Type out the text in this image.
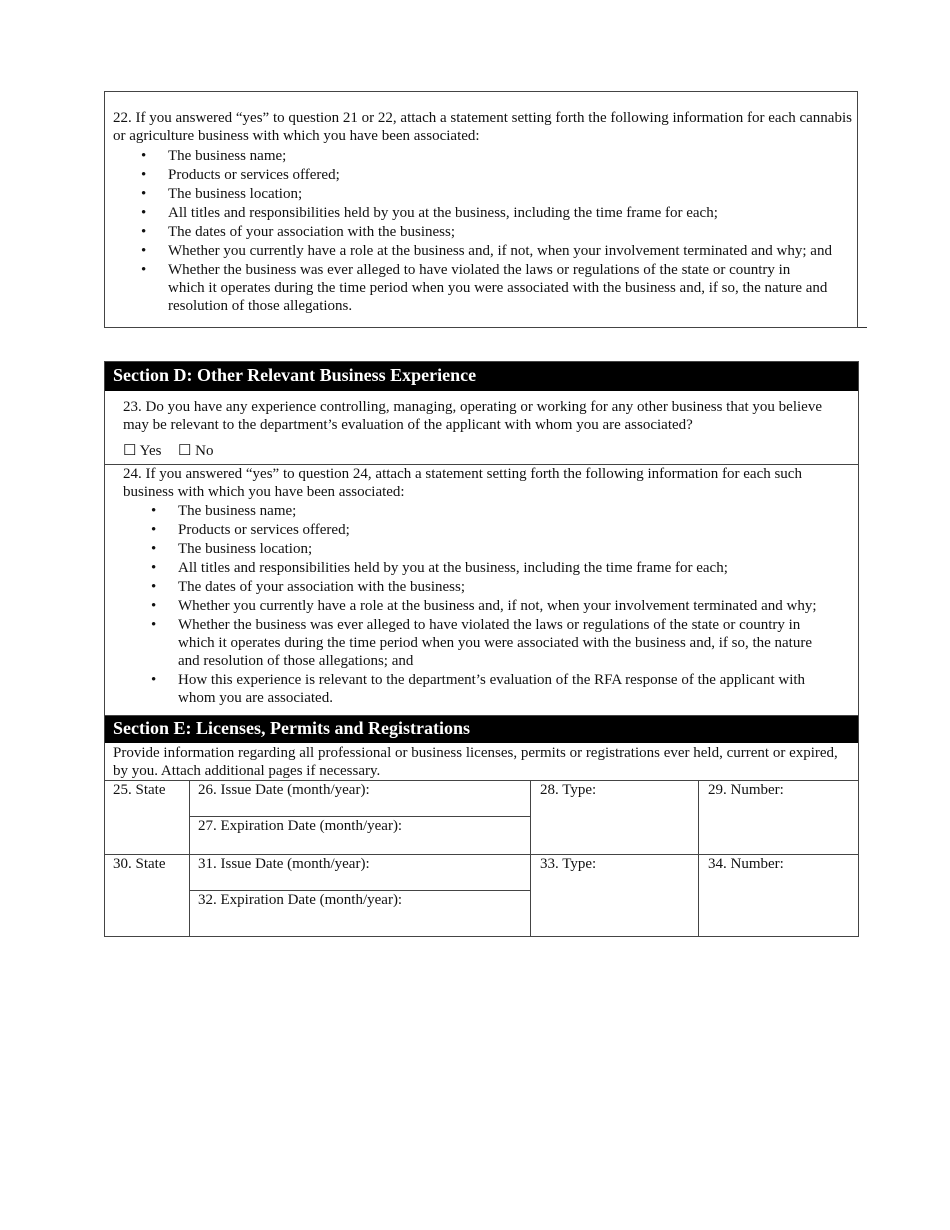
22. If you answered “yes” to question 21 or 22, attach a statement setting forth the following information for each cannabis or agriculture business with which you have been associated:
• The business name;
• Products or services offered;
• The business location;
• All titles and responsibilities held by you at the business, including the time frame for each;
• The dates of your association with the business;
• Whether you currently have a role at the business and, if not, when your involvement terminated and why; and
• Whether the business was ever alleged to have violated the laws or regulations of the state or country in which it operates during the time period when you were associated with the business and, if so, the nature and resolution of those allegations.
Section D: Other Relevant Business Experience
23. Do you have any experience controlling, managing, operating or working for any other business that you believe may be relevant to the department’s evaluation of the applicant with whom you are associated?
☐ Yes ☐ No
24. If you answered “yes” to question 24, attach a statement setting forth the following information for each such business with which you have been associated:
• The business name;
• Products or services offered;
• The business location;
• All titles and responsibilities held by you at the business, including the time frame for each;
• The dates of your association with the business;
• Whether you currently have a role at the business and, if not, when your involvement terminated and why;
• Whether the business was ever alleged to have violated the laws or regulations of the state or country in which it operates during the time period when you were associated with the business and, if so, the nature and resolution of those allegations; and
• How this experience is relevant to the department’s evaluation of the RFA response of the applicant with whom you are associated.
Section E: Licenses, Permits and Registrations
Provide information regarding all professional or business licenses, permits or registrations ever held, current or expired, by you. Attach additional pages if necessary.
25. State 26. Issue Date (month/year):
27. Expiration Date (month/year):
28. Type:	29. Number:
30. State 31. Issue Date (month/year):
32. Expiration Date (month/year):
33. Type:	34. Number:
